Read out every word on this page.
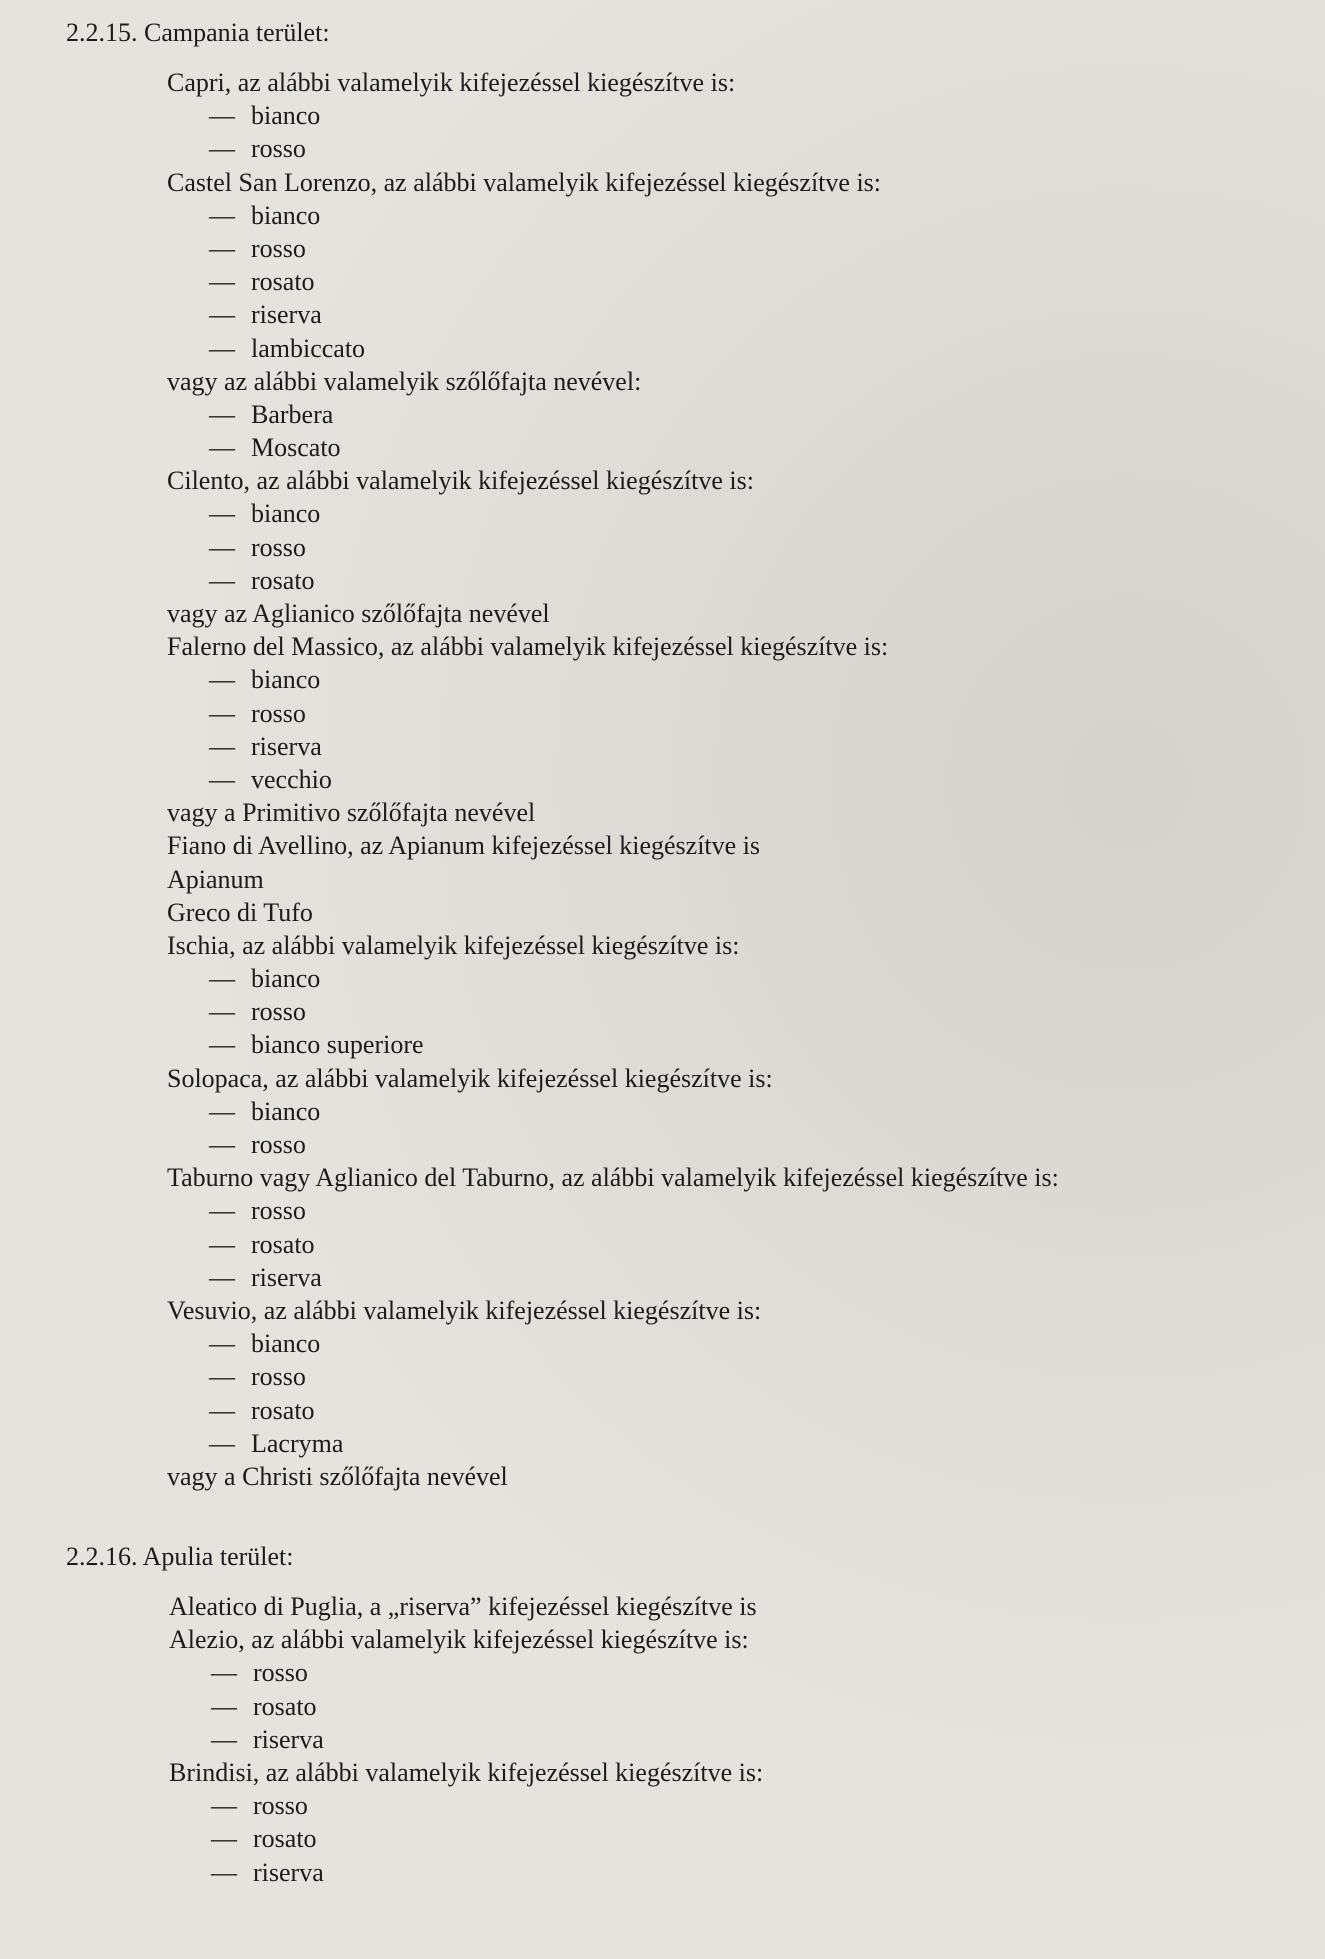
2.2.15. Campania terület:
Capri, az alábbi valamelyik kifejezéssel kiegészítve is:
— bianco
— rosso
Castel San Lorenzo, az alábbi valamelyik kifejezéssel kiegészítve is:
— bianco
— rosso
— rosato
— riserva
— lambiccato
vagy az alábbi valamelyik szőlőfajta nevével:
— Barbera
— Moscato
Cilento, az alábbi valamelyik kifejezéssel kiegészítve is:
— bianco
— rosso
— rosato
vagy az Aglianico szőlőfajta nevével
Falerno del Massico, az alábbi valamelyik kifejezéssel kiegészítve is:
— bianco
— rosso
— riserva
— vecchio
vagy a Primitivo szőlőfajta nevével
Fiano di Avellino, az Apianum kifejezéssel kiegészítve is
Apianum
Greco di Tufo
Ischia, az alábbi valamelyik kifejezéssel kiegészítve is:
— bianco
— rosso
— bianco superiore
Solopaca, az alábbi valamelyik kifejezéssel kiegészítve is:
— bianco
— rosso
Taburno vagy Aglianico del Taburno, az alábbi valamelyik kifejezéssel kiegészítve is:
— rosso
— rosato
— riserva
Vesuvio, az alábbi valamelyik kifejezéssel kiegészítve is:
— bianco
— rosso
— rosato
— Lacryma
vagy a Christi szőlőfajta nevével
2.2.16. Apulia terület:
Aleatico di Puglia, a „riserva” kifejezéssel kiegészítve is
Alezio, az alábbi valamelyik kifejezéssel kiegészítve is:
— rosso
— rosato
— riserva
Brindisi, az alábbi valamelyik kifejezéssel kiegészítve is:
— rosso
— rosato
— riserva
